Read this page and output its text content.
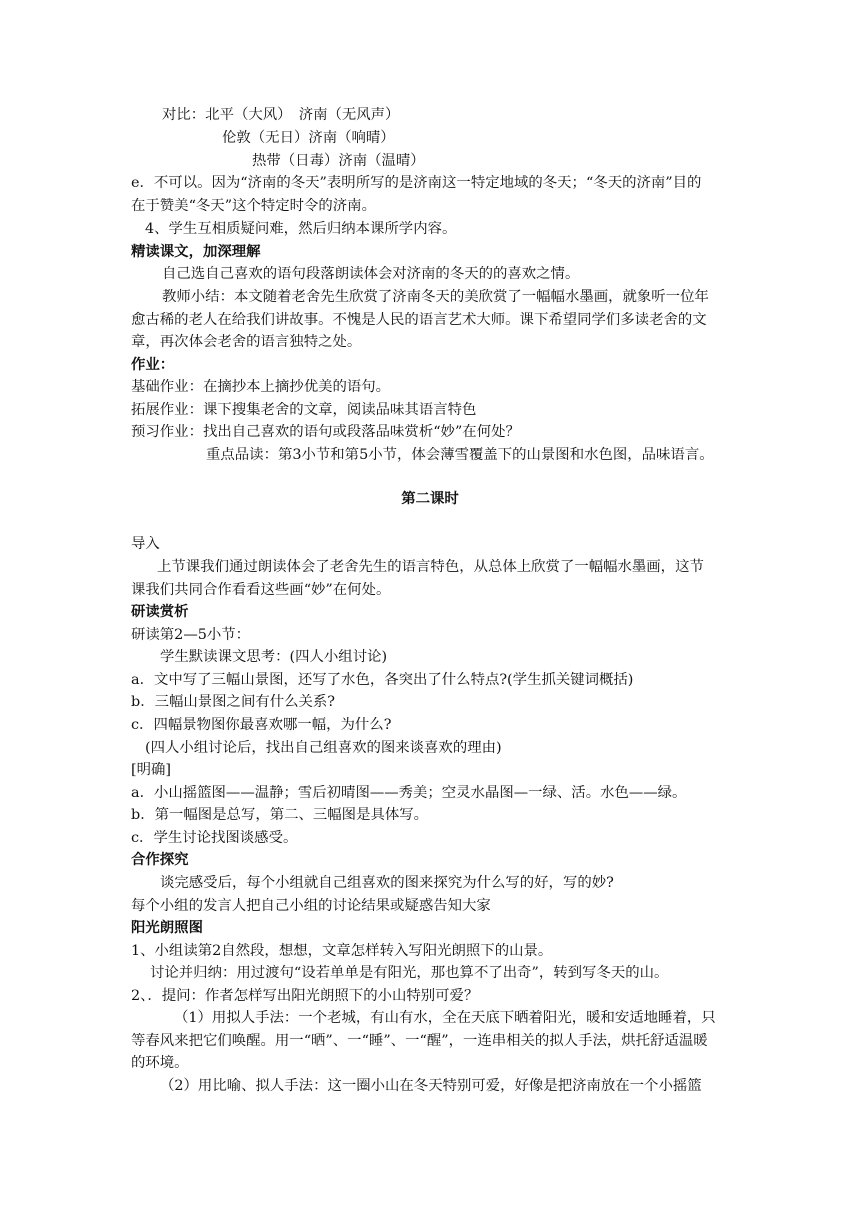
对比：北平（大风）　济南（无风声）
伦敦（无日）济南（响晴）
热带（日毒）济南（温晴）
e．不可以。因为“济南的冬天”表明所写的是济南这一特定地域的冬天；“冬天的济南”目的
在于赞美“冬天”这个特定时令的济南。
4、学生互相质疑问难，然后归纳本课所学内容。
精读课文，加深理解
自己选自己喜欢的语句段落朗读体会对济南的冬天的的喜欢之情。
教师小结：本文随着老舍先生欣赏了济南冬天的美欣赏了一幅幅水墨画，就象听一位年
愈古稀的老人在给我们讲故事。不愧是人民的语言艺术大师。课下希望同学们多读老舍的文
章，再次体会老舍的语言独特之处。
作业：
基础作业：在摘抄本上摘抄优美的语句。
拓展作业：课下搜集老舍的文章，阅读品味其语言特色
预习作业：找出自己喜欢的语句或段落品味赏析“妙”在何处？
重点品读：第3小节和第5小节，体会薄雪覆盖下的山景图和水色图，品味语言。
第二课时
导入
上节课我们通过朗读体会了老舍先生的语言特色，从总体上欣赏了一幅幅水墨画，这节
课我们共同合作看看这些画“妙”在何处。
研读赏析
研读第2—5小节：
学生默读课文思考：(四人小组讨论)
a．文中写了三幅山景图，还写了水色，各突出了什么特点?(学生抓关键词概括)
b．三幅山景图之间有什么关系?
c．四幅景物图你最喜欢哪一幅，为什么?
(四人小组讨论后，找出自己组喜欢的图来谈喜欢的理由)
[明确]
a．小山摇篮图——温静；雪后初晴图——秀美；空灵水晶图—一绿、活。水色——绿。
b．第一幅图是总写，第二、三幅图是具体写。
c．学生讨论找图谈感受。
合作探究
谈完感受后，每个小组就自己组喜欢的图来探究为什么写的好，写的妙?
每个小组的发言人把自己小组的讨论结果或疑惑告知大家
阳光朗照图
1、小组读第2自然段，想想，文章怎样转入写阳光朗照下的山景。
讨论并归纳：用过渡句“设若单单是有阳光，那也算不了出奇”，转到写冬天的山。
2、．提问：作者怎样写出阳光朗照下的小山特别可爱？
（1）用拟人手法：一个老城，有山有水，全在天底下晒着阳光，暖和安适地睡着，只
等春风来把它们唤醒。用一“晒”、一“睡”、一“醒”，一连串相关的拟人手法，烘托舒适温暖
的环境。
（2）用比喻、拟人手法：这一圈小山在冬天特别可爱，好像是把济南放在一个小摇篮
